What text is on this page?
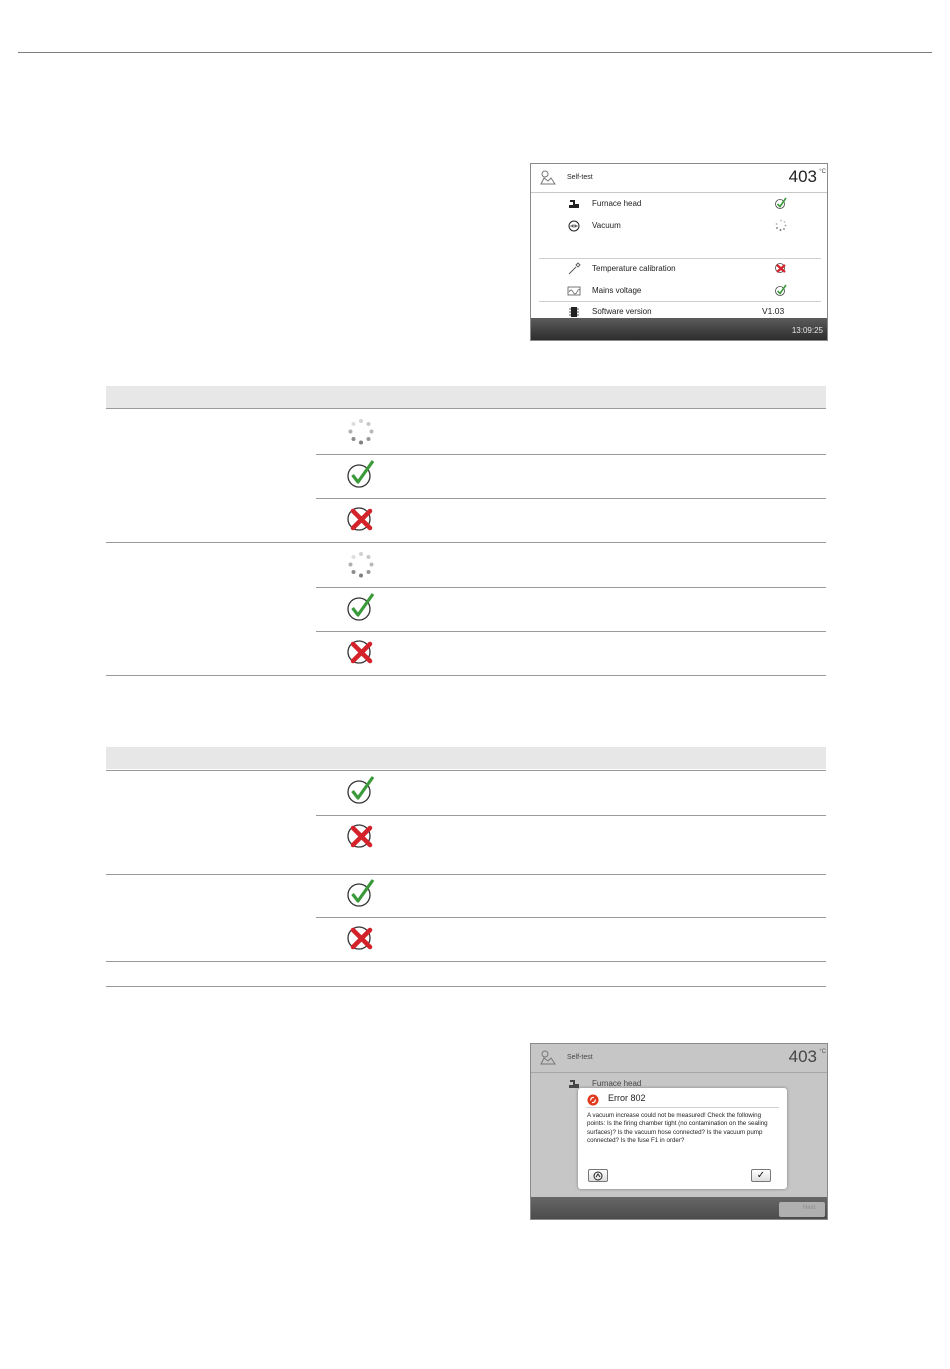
Self-test	403 °C
Furnace head
Vacuum
Temperature calibration
Mains voltage
Software version	V1.03
13:09:25
Self-test	403 °C
Furnace head
Next
Error 802
A vacuum increase could not be measured! Check the following points: Is the firing chamber tight (no contamination on the sealing surfaces)? Is the vacuum hose connected? Is the vacuum pump connected? Is the fuse F1 in order?
✓
